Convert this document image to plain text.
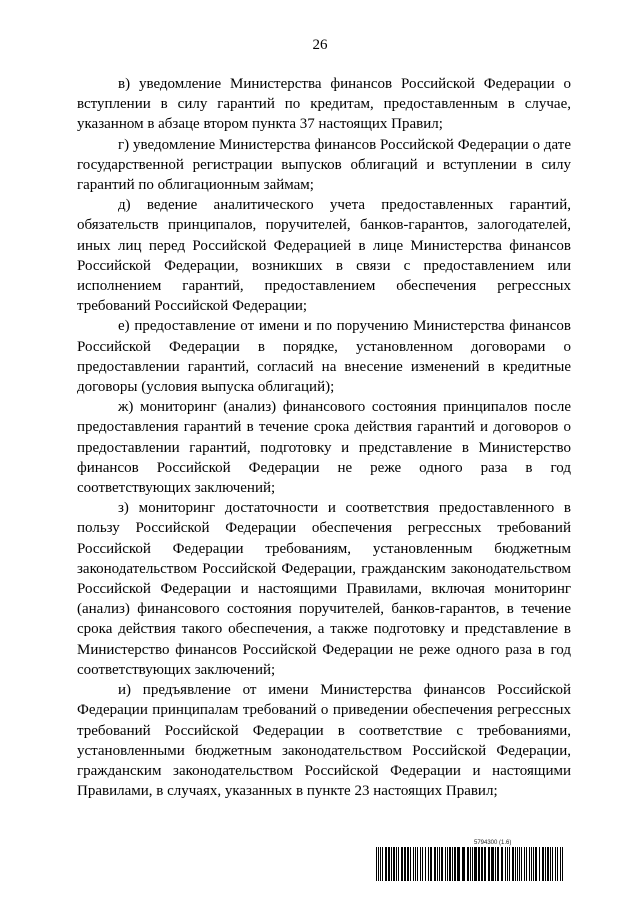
26

в) уведомление Министерства финансов Российской Федерации о вступлении в силу гарантий по кредитам, предоставленным в случае, указанном в абзаце втором пункта 37 настоящих Правил;

г) уведомление Министерства финансов Российской Федерации о дате государственной регистрации выпусков облигаций и вступлении в силу гарантий по облигационным займам;

д) ведение аналитического учета предоставленных гарантий, обязательств принципалов, поручителей, банков-гарантов, залогодателей, иных лиц перед Российской Федерацией в лице Министерства финансов Российской Федерации, возникших в связи с предоставлением или исполнением гарантий, предоставлением обеспечения регрессных требований Российской Федерации;

е) предоставление от имени и по поручению Министерства финансов Российской Федерации в порядке, установленном договорами о предоставлении гарантий, согласий на внесение изменений в кредитные договоры (условия выпуска облигаций);

ж) мониторинг (анализ) финансового состояния принципалов после предоставления гарантий в течение срока действия гарантий и договоров о предоставлении гарантий, подготовку и представление в Министерство финансов Российской Федерации не реже одного раза в год соответствующих заключений;

з) мониторинг достаточности и соответствия предоставленного в пользу Российской Федерации обеспечения регрессных требований Российской Федерации требованиям, установленным бюджетным законодательством Российской Федерации, гражданским законодательством Российской Федерации и настоящими Правилами, включая мониторинг (анализ) финансового состояния поручителей, банков-гарантов, в течение срока действия такого обеспечения, а также подготовку и представление в Министерство финансов Российской Федерации не реже одного раза в год соответствующих заключений;

и) предъявление от имени Министерства финансов Российской Федерации принципалам требований о приведении обеспечения регрессных требований Российской Федерации в соответствие с требованиями, установленными бюджетным законодательством Российской Федерации, гражданским законодательством Российской Федерации и настоящими Правилами, в случаях, указанных в пункте 23 настоящих Правил;

5794300 (1.6)
